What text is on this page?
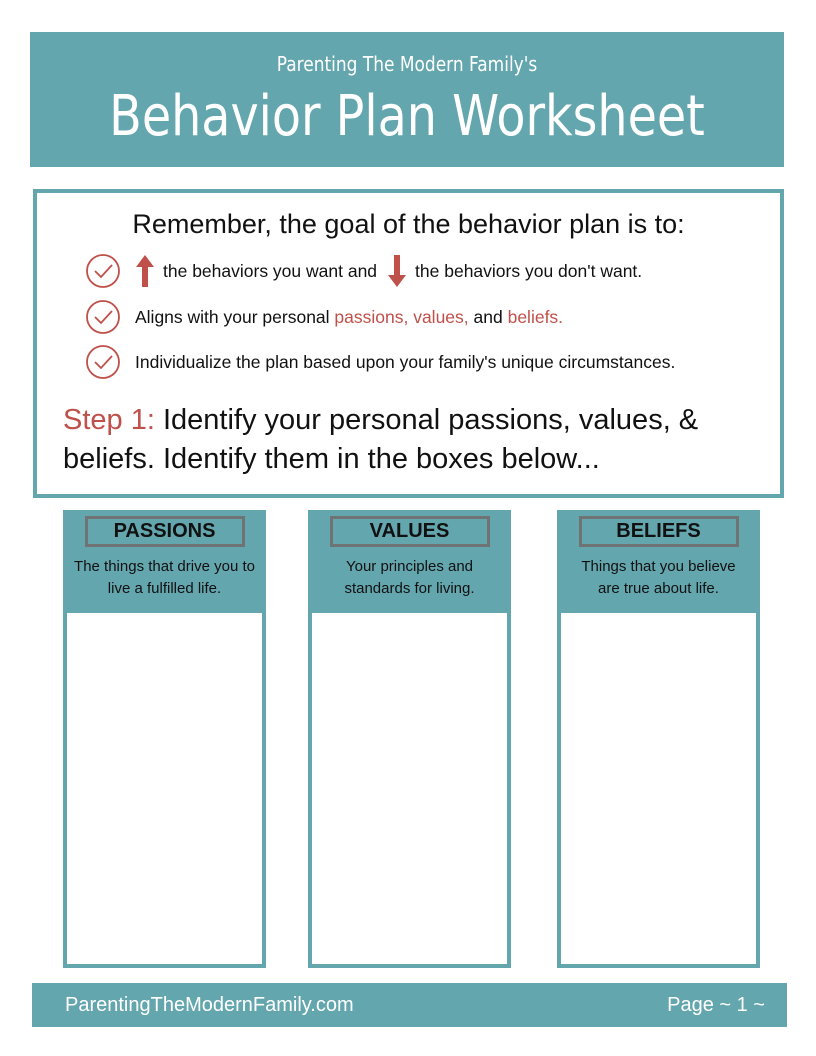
Parenting The Modern Family's
Behavior Plan Worksheet
Remember, the goal of the behavior plan is to:
the behaviors you want and the behaviors you don't want.
Aligns with your personal passions, values, and beliefs.
Individualize the plan based upon your family's unique circumstances.
Step 1: Identify your personal passions, values, & beliefs. Identify them in the boxes below...
PASSIONS
The things that drive you to live a fulfilled life.
VALUES
Your principles and standards for living.
BELIEFS
Things that you believe are true about life.
ParentingTheModernFamily.com	Page ~ 1 ~
